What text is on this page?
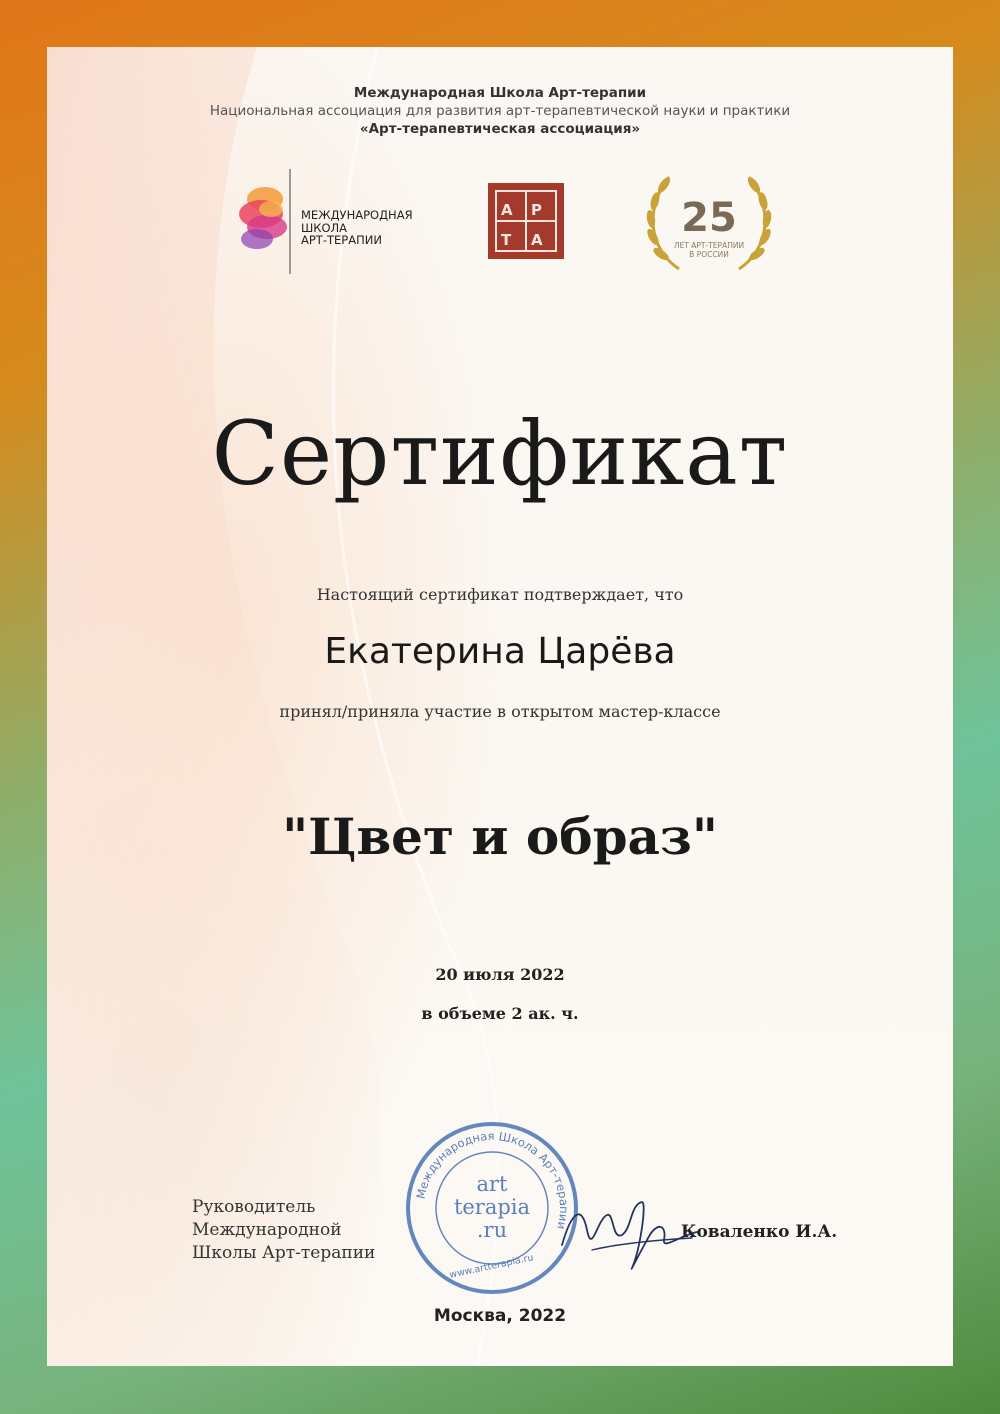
Международная Школа Арт-терапии
Национальная ассоциация для развития арт-терапевтической науки и практики
«Арт-терапевтическая ассоциация»
МЕЖДУНАРОДНАЯ
ШКОЛА
АРТ-ТЕРАПИИ
А Р
Т А	25
ЛЕТ АРТ-ТЕРАПИИ
В РОССИИ
Сертификат
Настоящий сертификат подтверждает, что
Екатерина Царёва
принял/приняла участие в открытом мастер-классе
"Цвет и образ"
20 июля 2022
в объеме 2 ак. ч.
Руководитель
Международной
Школы Арт-терапии
Международная Школа Арт-терапии
art
terapia
.ru
www.artterapia.ru
Коваленко И.А.
Москва, 2022
